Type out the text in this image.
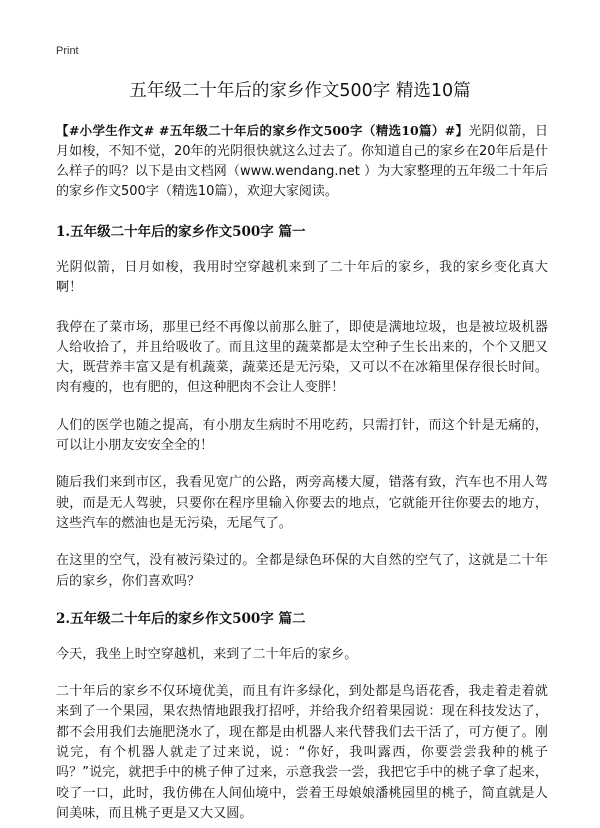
Print
五年级二十年后的家乡作文500字 精选10篇

【#小学生作文# #五年级二十年后的家乡作文500字（精选10篇）#】光阴似箭，日月如梭，不知不觉，20年的光阴很快就这么过去了。你知道自己的家乡在20年后是什么样子的吗？以下是由文档网（www.wendang.net ）为大家整理的五年级二十年后的家乡作文500字（精选10篇），欢迎大家阅读。

1.五年级二十年后的家乡作文500字 篇一

光阴似箭，日月如梭，我用时空穿越机来到了二十年后的家乡，我的家乡变化真大啊！

我停在了菜市场，那里已经不再像以前那么脏了，即使是满地垃圾，也是被垃圾机器人给收拾了，并且给吸收了。而且这里的蔬菜都是太空种子生长出来的，个个又肥又大，既营养丰富又是有机蔬菜，蔬菜还是无污染，又可以不在冰箱里保存很长时间。肉有瘦的，也有肥的，但这种肥肉不会让人变胖！

人们的医学也随之提高，有小朋友生病时不用吃药，只需打针，而这个针是无痛的，可以让小朋友安安全全的！

随后我们来到市区，我看见宽广的公路，两旁高楼大厦，错落有致，汽车也不用人驾驶，而是无人驾驶，只要你在程序里输入你要去的地点，它就能开往你要去的地方，这些汽车的燃油也是无污染，无尾气了。

在这里的空气，没有被污染过的。全都是绿色环保的大自然的空气了，这就是二十年后的家乡，你们喜欢吗？

2.五年级二十年后的家乡作文500字 篇二

今天，我坐上时空穿越机，来到了二十年后的家乡。

二十年后的家乡不仅环境优美，而且有许多绿化，到处都是鸟语花香，我走着走着就来到了一个果园，果农热情地跟我打招呼，并给我介绍着果园说：现在科技发达了，都不会用我们去施肥浇水了，现在都是由机器人来代替我们去干活了，可方便了。刚说完，有个机器人就走了过来说，说：“你好，我叫露西，你要尝尝我种的桃子吗？”说完，就把手中的桃子伸了过来，示意我尝一尝，我把它手中的桃子拿了起来，咬了一口，此时，我仿佛在人间仙境中，尝着王母娘娘潘桃园里的桃子，简直就是人间美味，而且桃子更是又大又圆。
